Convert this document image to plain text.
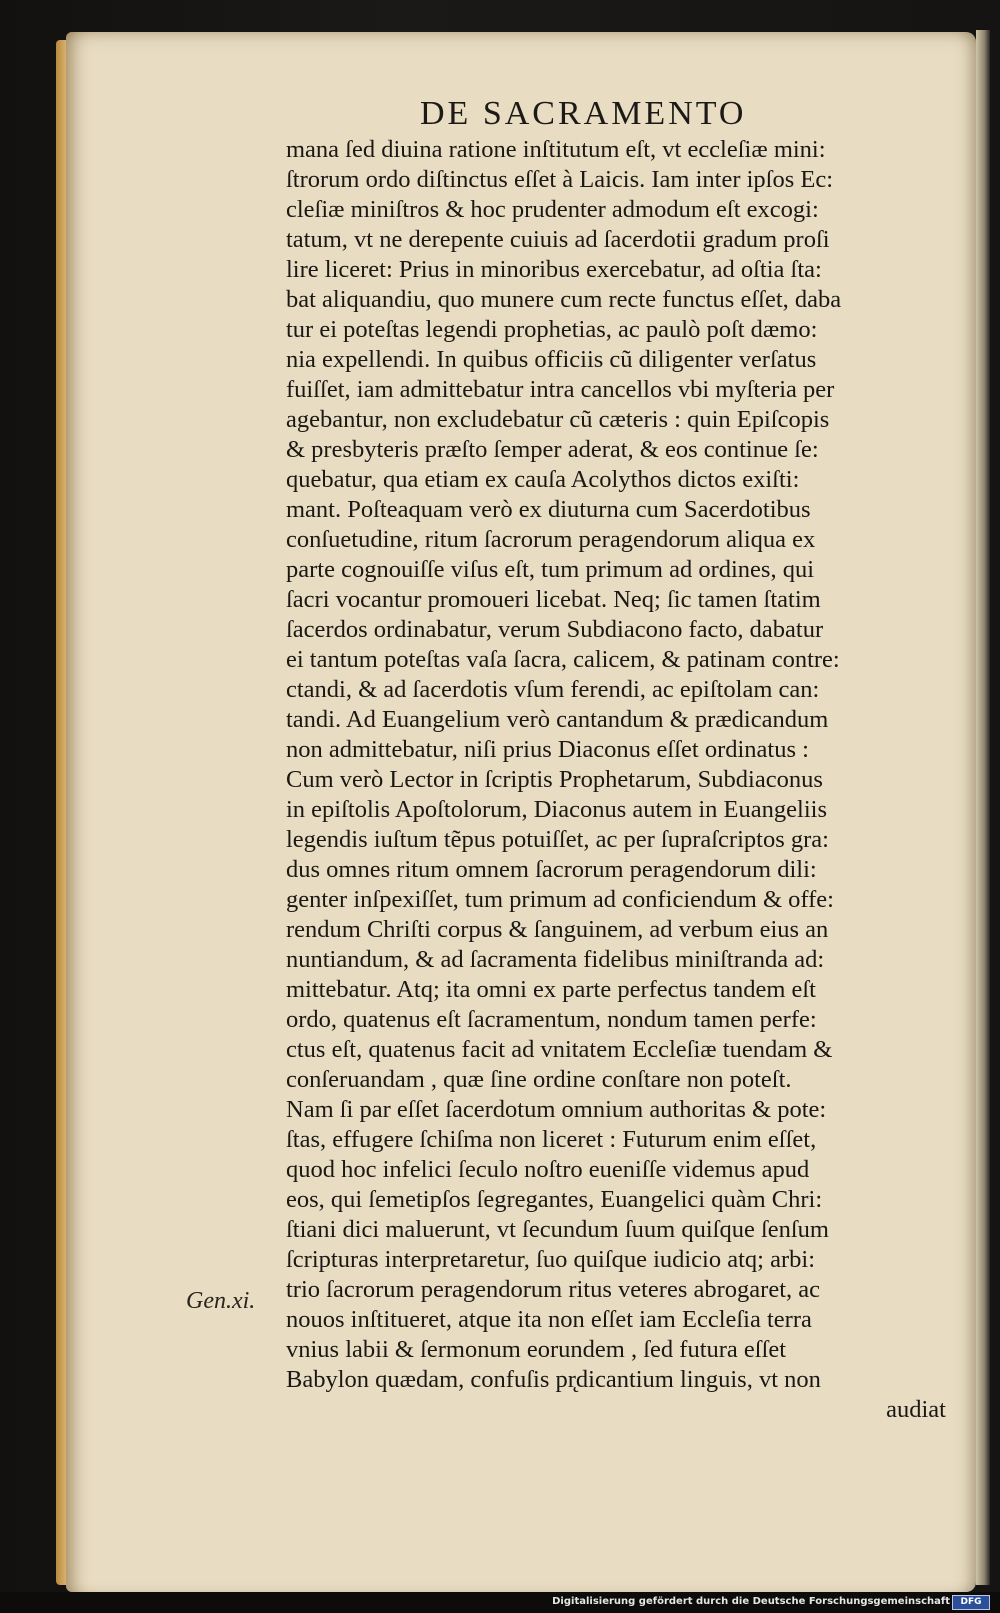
DE SACRAMENTO
mana ſed diuina ratione inſtitutum eſt, vt eccleſiæ mini:
ſtrorum ordo diſtinctus eſſet à Laicis. Iam inter ipſos Ec:
cleſiæ miniſtros & hoc prudenter admodum eſt excogi:
tatum, vt ne derepente cuiuis ad ſacerdotii gradum proſi
lire liceret: Prius in minoribus exercebatur, ad oſtia ſta:
bat aliquandiu, quo munere cum recte functus eſſet, daba
tur ei poteſtas legendi prophetias, ac paulò poſt dæmo:
nia expellendi. In quibus officiis cũ diligenter verſatus
fuiſſet, iam admittebatur intra cancellos vbi myſteria per
agebantur, non excludebatur cũ cæteris : quin Epiſcopis
& presbyteris præſto ſemper aderat, & eos continue ſe:
quebatur, qua etiam ex cauſa Acolythos dictos exiſti:
mant. Poſteaquam verò ex diuturna cum Sacerdotibus
conſuetudine, ritum ſacrorum peragendorum aliqua ex
parte cognouiſſe viſus eſt, tum primum ad ordines, qui
ſacri vocantur promoueri licebat. Neq; ſic tamen ſtatim
ſacerdos ordinabatur, verum Subdiacono facto, dabatur
ei tantum poteſtas vaſa ſacra, calicem, & patinam contre:
ctandi, & ad ſacerdotis vſum ferendi, ac epiſtolam can:
tandi. Ad Euangelium verò cantandum & prædicandum
non admittebatur, niſi prius Diaconus eſſet ordinatus :
Cum verò Lector in ſcriptis Prophetarum, Subdiaconus
in epiſtolis Apoſtolorum, Diaconus autem in Euangeliis
legendis iuſtum tẽpus potuiſſet, ac per ſupraſcriptos gra:
dus omnes ritum omnem ſacrorum peragendorum dili:
genter inſpexiſſet, tum primum ad conficiendum & offe:
rendum Chriſti corpus & ſanguinem, ad verbum eius an
nuntiandum, & ad ſacramenta fidelibus miniſtranda ad:
mittebatur. Atq; ita omni ex parte perfectus tandem eſt
ordo, quatenus eſt ſacramentum, nondum tamen perfe:
ctus eſt, quatenus facit ad vnitatem Eccleſiæ tuendam &
conſeruandam , quæ ſine ordine conſtare non poteſt.
Nam ſi par eſſet ſacerdotum omnium authoritas & pote:
ſtas, effugere ſchiſma non liceret : Futurum enim eſſet,
quod hoc infelici ſeculo noſtro eueniſſe videmus apud
eos, qui ſemetipſos ſegregantes, Euangelici quàm Chri:
ſtiani dici maluerunt, vt ſecundum ſuum quiſque ſenſum
ſcripturas interpretaretur, ſuo quiſque iudicio atq; arbi:
trio ſacrorum peragendorum ritus veteres abrogaret, ac
nouos inſtitueret, atque ita non eſſet iam Eccleſia terra
vnius labii & ſermonum eorundem , ſed futura eſſet
Babylon quædam, confuſis pr̨dicantium linguis, vt non
audiat
Gen.xi.
Digitalisierung gefördert durch die Deutsche Forschungsgemeinschaft	DFG
